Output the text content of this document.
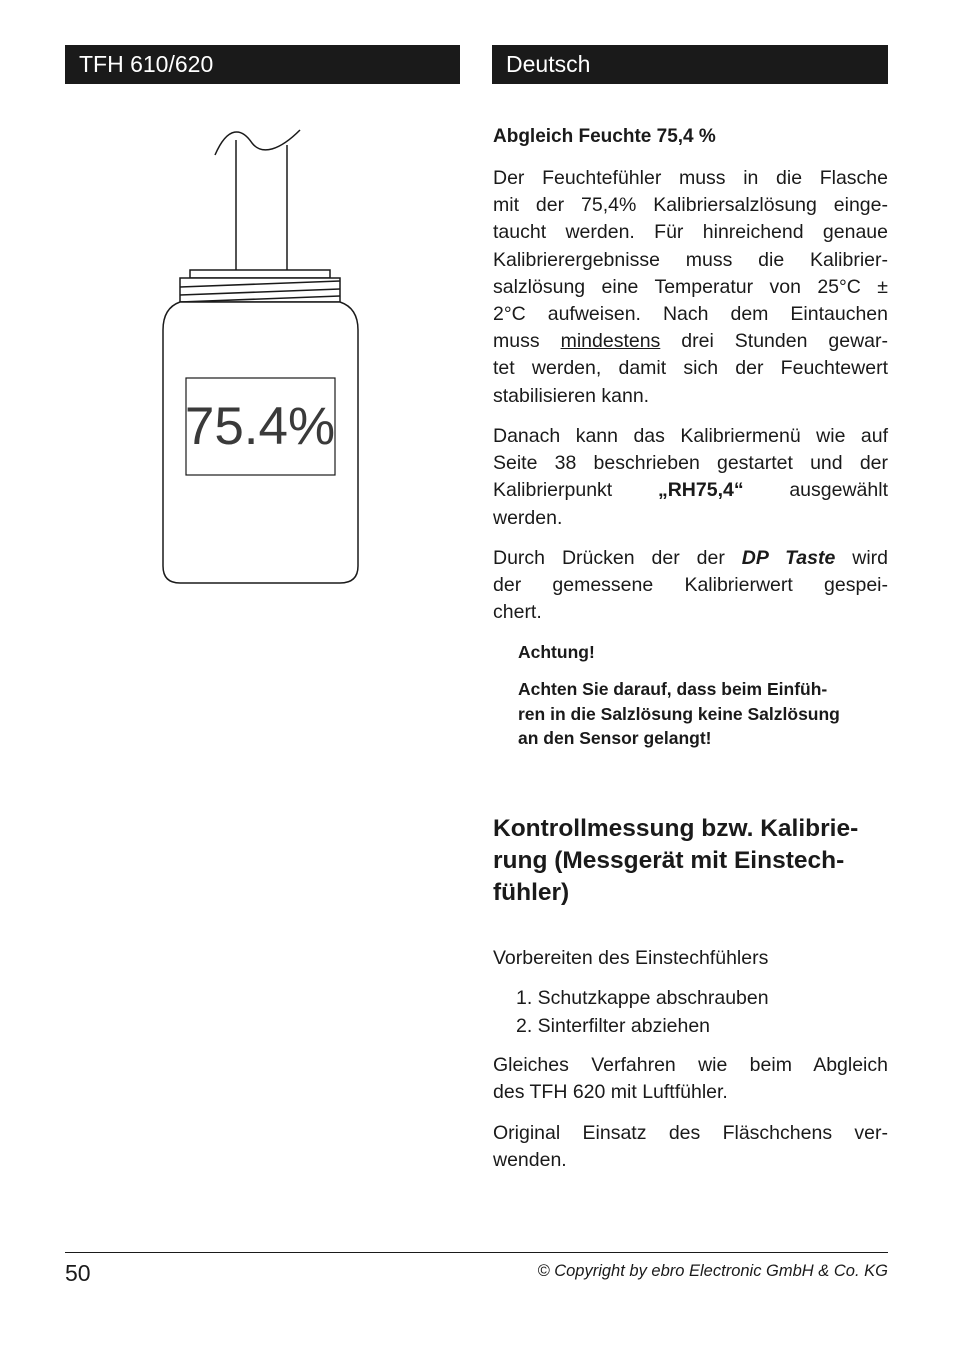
TFH 610/620	Deutsch
75.4%
Abgleich Feuchte 75,4 %

Der Feuchtefühler muss in die Flasche
mit der 75,4% Kalibriersalzlösung einge-
taucht werden. Für hinreichend genaue
Kalibrierergebnisse muss die Kalibrier-
salzlösung eine Temperatur von 25°C ±
2°C aufweisen. Nach dem Eintauchen
muss mindestens drei Stunden gewar-
tet werden, damit sich der Feuchtewert
stabilisieren kann.

Danach kann das Kalibriermenü wie auf
Seite 38 beschrieben gestartet und der
Kalibrierpunkt „RH75,4“ ausgewählt
werden.

Durch Drücken der der DP Taste wird
der gemessene Kalibrierwert gespei-
chert.

Achtung!
Achten Sie darauf, dass beim Einfüh-
ren in die Salzlösung keine Salzlösung
an den Sensor gelangt!
Kontrollmessung bzw. Kalibrie-
rung (Messgerät mit Einstech-
fühler)
Vorbereiten des Einstechfühlers
1. Schutzkappe abschrauben
2. Sinterfilter abziehen

Gleiches Verfahren wie beim Abgleich
des TFH 620 mit Luftfühler.

Original Einsatz des Fläschchens ver-
wenden.

50	© Copyright by ebro Electronic GmbH & Co. KG
